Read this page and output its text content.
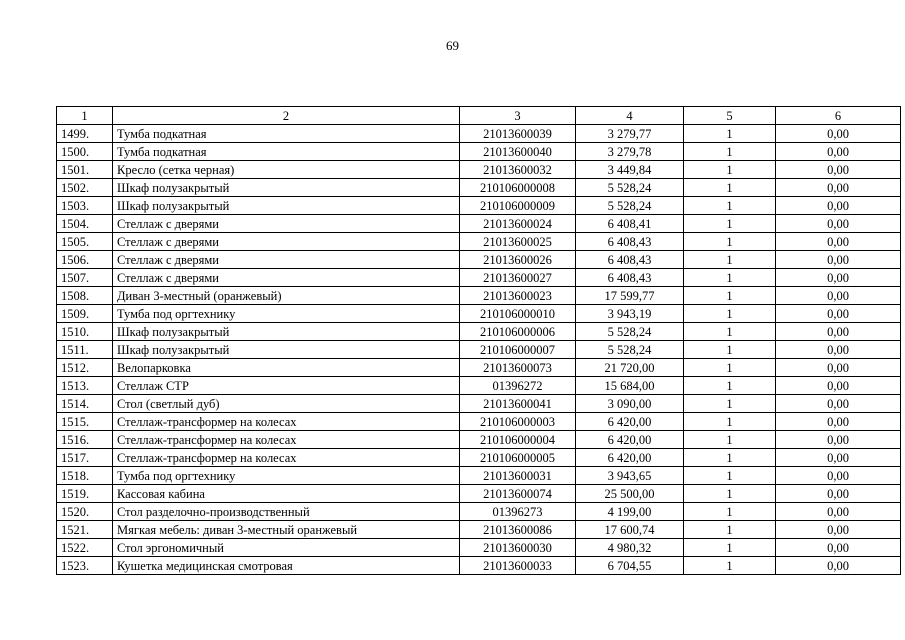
69
1	2	3	4	5	6
1499.	Тумба подкатная	21013600039	3 279,77	1	0,00
1500.	Тумба подкатная	21013600040	3 279,78	1	0,00
1501.	Кресло (сетка черная)	21013600032	3 449,84	1	0,00
1502.	Шкаф полузакрытый	210106000008	5 528,24	1	0,00
1503.	Шкаф полузакрытый	210106000009	5 528,24	1	0,00
1504.	Стеллаж с дверями	21013600024	6 408,41	1	0,00
1505.	Стеллаж с дверями	21013600025	6 408,43	1	0,00
1506.	Стеллаж с дверями	21013600026	6 408,43	1	0,00
1507.	Стеллаж с дверями	21013600027	6 408,43	1	0,00
1508.	Диван 3-местный (оранжевый)	21013600023	17 599,77	1	0,00
1509.	Тумба под оргтехнику	210106000010	3 943,19	1	0,00
1510.	Шкаф полузакрытый	210106000006	5 528,24	1	0,00
1511.	Шкаф полузакрытый	210106000007	5 528,24	1	0,00
1512.	Велопарковка	21013600073	21 720,00	1	0,00
1513.	Стеллаж СТР	01396272	15 684,00	1	0,00
1514.	Стол (светлый дуб)	21013600041	3 090,00	1	0,00
1515.	Стеллаж-трансформер на колесах	210106000003	6 420,00	1	0,00
1516.	Стеллаж-трансформер на колесах	210106000004	6 420,00	1	0,00
1517.	Стеллаж-трансформер на колесах	210106000005	6 420,00	1	0,00
1518.	Тумба под оргтехнику	21013600031	3 943,65	1	0,00
1519.	Кассовая кабина	21013600074	25 500,00	1	0,00
1520.	Стол разделочно-производственный	01396273	4 199,00	1	0,00
1521.	Мягкая мебель: диван 3-местный оранжевый	21013600086	17 600,74	1	0,00
1522.	Стол эргономичный	21013600030	4 980,32	1	0,00
1523.	Кушетка медицинская смотровая	21013600033	6 704,55	1	0,00
